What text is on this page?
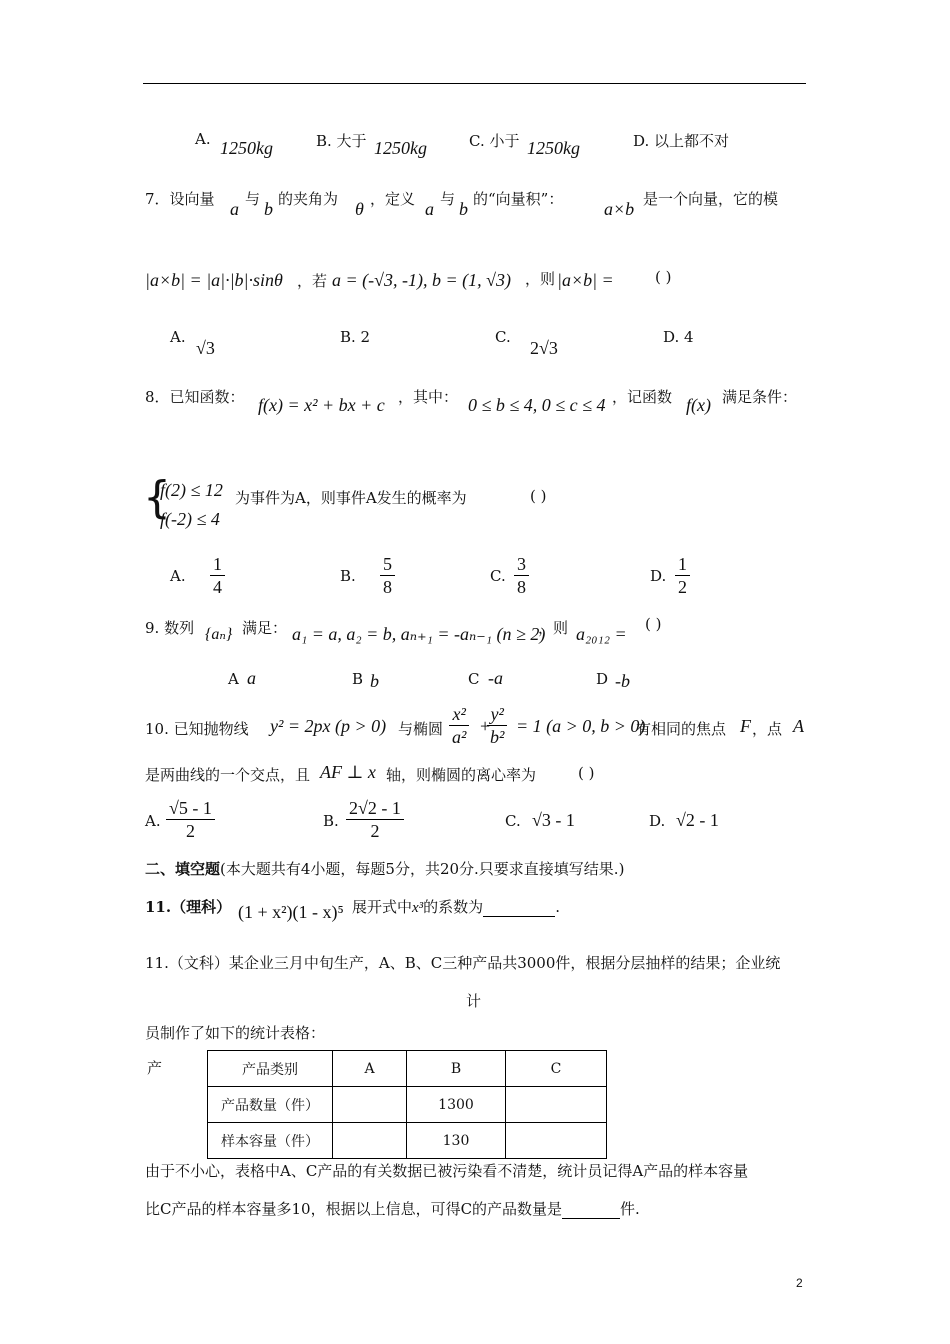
A. 1250kg	B. 大于 1250kg	C. 小于 1250kg	D. 以上都不对
7．设向量 a 与 b 的夹角为 θ ，定义 a 与 b 的“向量积”： a×b 是一个向量，它的模
|a×b| = |a|·|b|·sinθ ，若 a = (-√3, -1), b = (1, √3) ，则 |a×b| =	( )
A.
√3
B. 2	C.
2√3
D. 4
8．已知函数： f(x) = x² + bx + c ，其中： 0 ≤ b ≤ 4, 0 ≤ c ≤ 4 ，记函数 f(x) 满足条件：
{
f(2) ≤ 12
f(-2) ≤ 4
为事件为A，则事件A发生的概率为	( )
A. $\frac{1}{4}$	B. $\frac{5}{8}$	C. $\frac{3}{8}$	D. $\frac{1}{2}$
9. 数列 {aₙ} 满足： a₁ = a, a₂ = b, aₙ₊₁ = -aₙ₋₁ (n ≥ 2)
，则 a₂₀₁₂ = ( )
A a	B b	C -a	D -b
10. 已知抛物线 y² = 2px (p > 0) 与椭圆 $\frac{\text{x²}}{\text{a²}}$ +
$\frac{\text{y²}}{\text{b²}} = 1$ (a > 0, b > 0)
有相同的焦点 F ，点 A
是两曲线的一个交点，且 AF ⊥ x 轴，则椭圆的离心率为	( )
A. $\frac{√5 - 1}{2}$	B. $\frac{2√2 - 1}{2}$	C. √3 - 1	D. √2 - 1
二、填空题(本大题共有4小题，每题5分，共20分.只要求直接填写结果.)
11.（理科） (1 + x²)(1 - x)⁵ 展开式中x³的系数为	.
11.（文科）某企业三月中旬生产，A、B、C三种产品共3000件，根据分层抽样的结果；企业统
计
员制作了如下的统计表格：
产	产品类别	A	B	C
产品数量（件）		1300	
样本容量（件）		130	
由于不小心，表格中A、C产品的有关数据已被污染看不清楚，统计员记得A产品的样本容量
比C产品的样本容量多10，根据以上信息，可得C的产品数量是	件.
2
